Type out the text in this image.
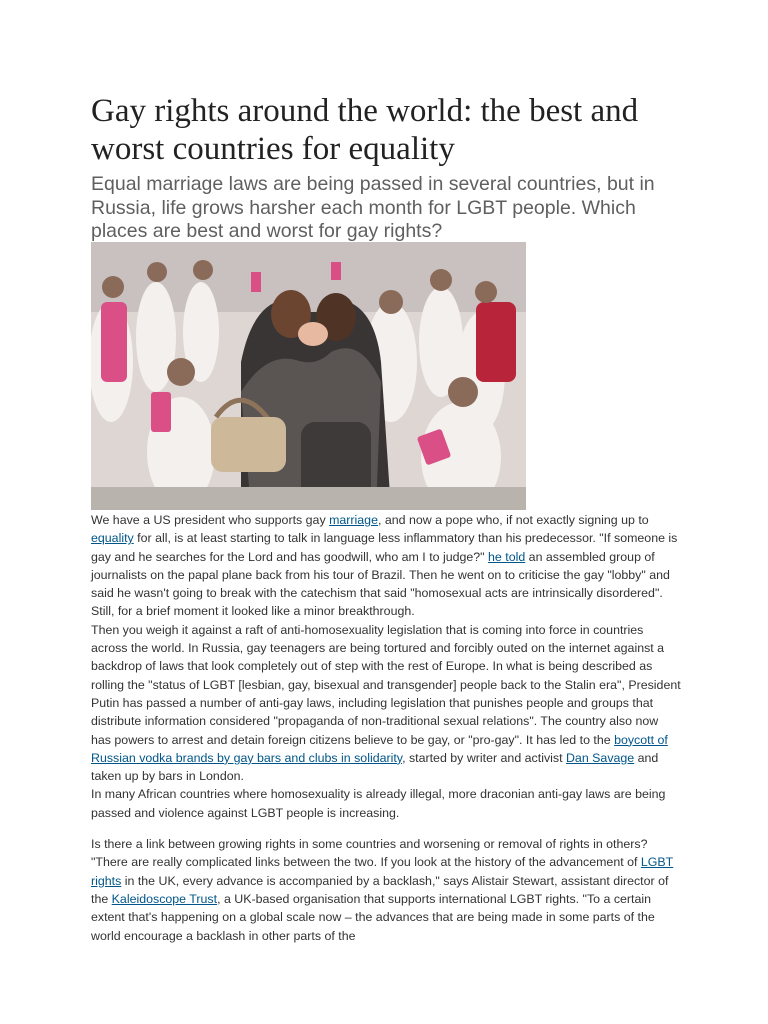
Gay rights around the world: the best and worst countries for equality

Equal marriage laws are being passed in several countries, but in Russia, life grows harsher each month for LGBT people. Which places are best and worst for gay rights?

We have a US president who supports gay marriage, and now a pope who, if not exactly signing up to equality for all, is at least starting to talk in language less inflammatory than his predecessor. "If someone is gay and he searches for the Lord and has goodwill, who am I to judge?" he told an assembled group of journalists on the papal plane back from his tour of Brazil. Then he went on to criticise the gay "lobby" and said he wasn't going to break with the catechism that said "homosexual acts are intrinsically disordered". Still, for a brief moment it looked like a minor breakthrough.

Then you weigh it against a raft of anti-homosexuality legislation that is coming into force in countries across the world. In Russia, gay teenagers are being tortured and forcibly outed on the internet against a backdrop of laws that look completely out of step with the rest of Europe. In what is being described as rolling the "status of LGBT [lesbian, gay, bisexual and transgender] people back to the Stalin era", President Putin has passed a number of anti-gay laws, including legislation that punishes people and groups that distribute information considered "propaganda of non-traditional sexual relations". The country also now has powers to arrest and detain foreign citizens believe to be gay, or "pro-gay". It has led to the boycott of Russian vodka brands by gay bars and clubs in solidarity, started by writer and activist Dan Savage and taken up by bars in London.

In many African countries where homosexuality is already illegal, more draconian anti-gay laws are being passed and violence against LGBT people is increasing.

Is there a link between growing rights in some countries and worsening or removal of rights in others? "There are really complicated links between the two. If you look at the history of the advancement of LGBT rights in the UK, every advance is accompanied by a backlash," says Alistair Stewart, assistant director of the Kaleidoscope Trust, a UK-based organisation that supports international LGBT rights. "To a certain extent that's happening on a global scale now – the advances that are being made in some parts of the world encourage a backlash in other parts of the
